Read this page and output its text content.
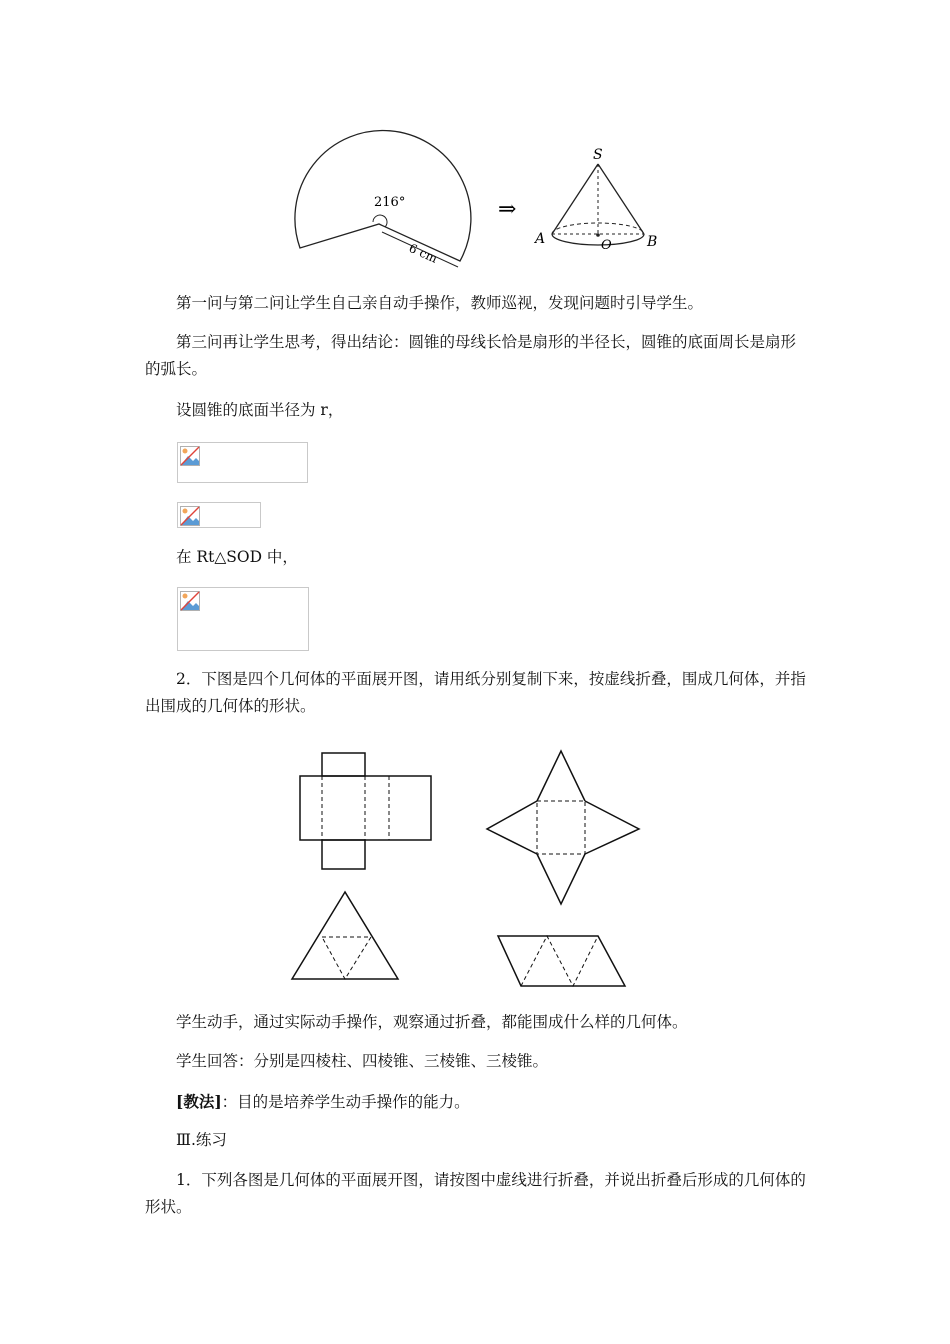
216°
6 cm
⇒
S
A	O	B
第一问与第二问让学生自己亲自动手操作，教师巡视，发现问题时引导学生。
第三问再让学生思考，得出结论：圆锥的母线长恰是扇形的半径长，圆锥的底面周长是扇形的弧长。
设圆锥的底面半径为 r，
在 Rt△SOD 中，
2．下图是四个几何体的平面展开图，请用纸分别复制下来，按虚线折叠，围成几何体，并指出围成的几何体的形状。
学生动手，通过实际动手操作，观察通过折叠，都能围成什么样的几何体。
学生回答：分别是四棱柱、四棱锥、三棱锥、三棱锥。
[教法]：目的是培养学生动手操作的能力。
Ⅲ.练习
1．下列各图是几何体的平面展开图，请按图中虚线进行折叠，并说出折叠后形成的几何体的形状。
